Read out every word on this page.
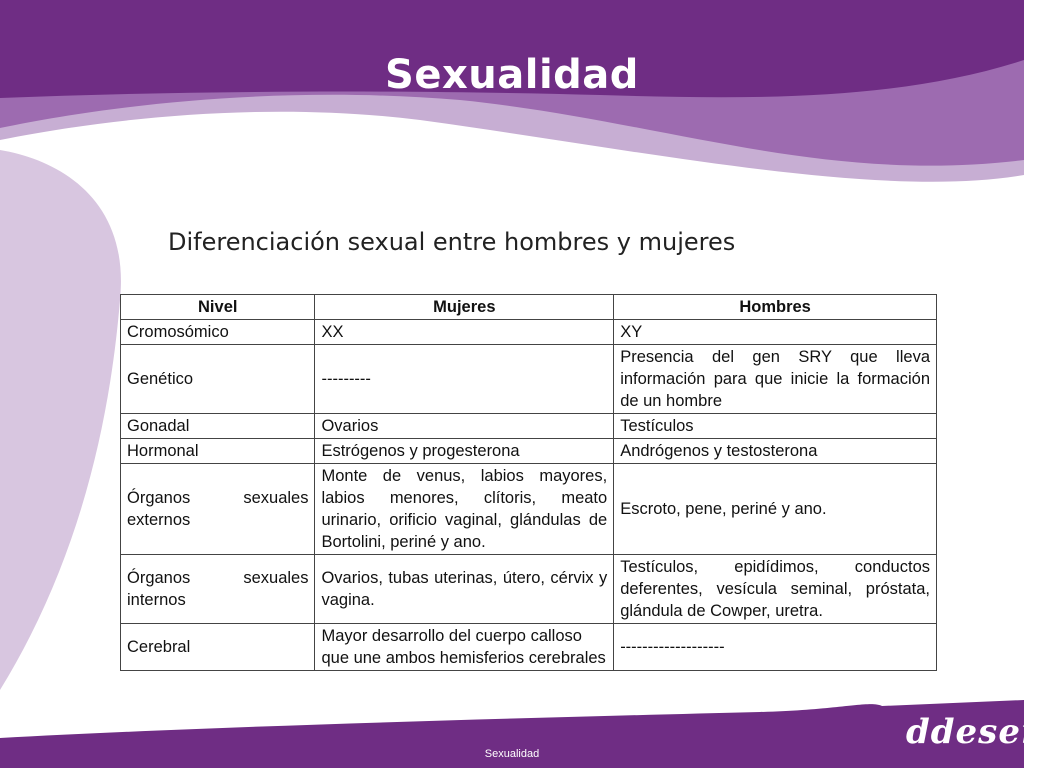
Sexualidad
Diferenciación sexual entre hombres y mujeres
Nivel	Mujeres	Hombres
Cromosómico	XX	XY
Genético	---------	Presencia del gen SRY que lleva información para que inicie la formación de un hombre
Gonadal	Ovarios	Testículos
Hormonal	Estrógenos y progesterona	Andrógenos y testosterona
Órganos sexuales externos	Monte de venus, labios mayores, labios menores, clítoris, meato urinario, orificio vaginal, glándulas de Bortolini, periné y ano.	Escroto, pene, periné y ano.
Órganos sexuales internos	Ovarios, tubas uterinas, útero, cérvix y vagina.	Testículos, epidídimos, conductos deferentes, vesícula seminal, próstata, glándula de Cowper, uretra.
Cerebral	Mayor desarrollo del cuerpo calloso que une ambos hemisferios cerebrales	-------------------
Sexualidad
ddeser
